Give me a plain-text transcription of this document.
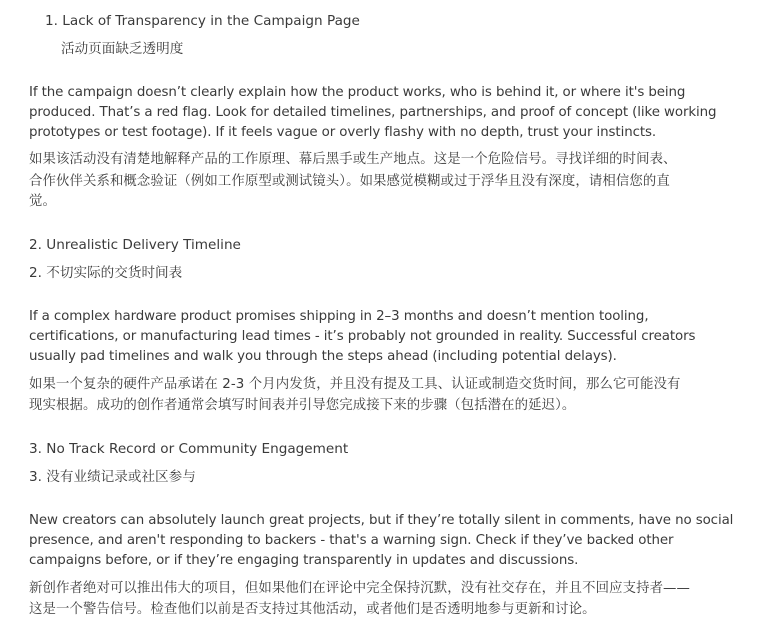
1. Lack of Transparency in the Campaign Page
活动页面缺乏透明度
If the campaign doesn’t clearly explain how the product works, who is behind it, or where it's being
produced. That’s a red flag. Look for detailed timelines, partnerships, and proof of concept (like working
prototypes or test footage). If it feels vague or overly flashy with no depth, trust your instincts.
如果该活动没有清楚地解释产品的工作原理、幕后黑手或生产地点。这是一个危险信号。寻找详细的时间表、
合作伙伴关系和概念验证（例如工作原型或测试镜头）。如果感觉模糊或过于浮华且没有深度，请相信您的直
觉。
2. Unrealistic Delivery Timeline
2. 不切实际的交货时间表
If a complex hardware product promises shipping in 2–3 months and doesn’t mention tooling,
certifications, or manufacturing lead times - it’s probably not grounded in reality. Successful creators
usually pad timelines and walk you through the steps ahead (including potential delays).
如果一个复杂的硬件产品承诺在 2-3 个月内发货，并且没有提及工具、认证或制造交货时间，那么它可能没有
现实根据。成功的创作者通常会填写时间表并引导您完成接下来的步骤（包括潜在的延迟）。
3. No Track Record or Community Engagement
3. 没有业绩记录或社区参与
New creators can absolutely launch great projects, but if they’re totally silent in comments, have no social
presence, and aren't responding to backers - that's a warning sign. Check if they’ve backed other
campaigns before, or if they’re engaging transparently in updates and discussions.
新创作者绝对可以推出伟大的项目，但如果他们在评论中完全保持沉默，没有社交存在，并且不回应支持者——
这是一个警告信号。检查他们以前是否支持过其他活动，或者他们是否透明地参与更新和讨论。
